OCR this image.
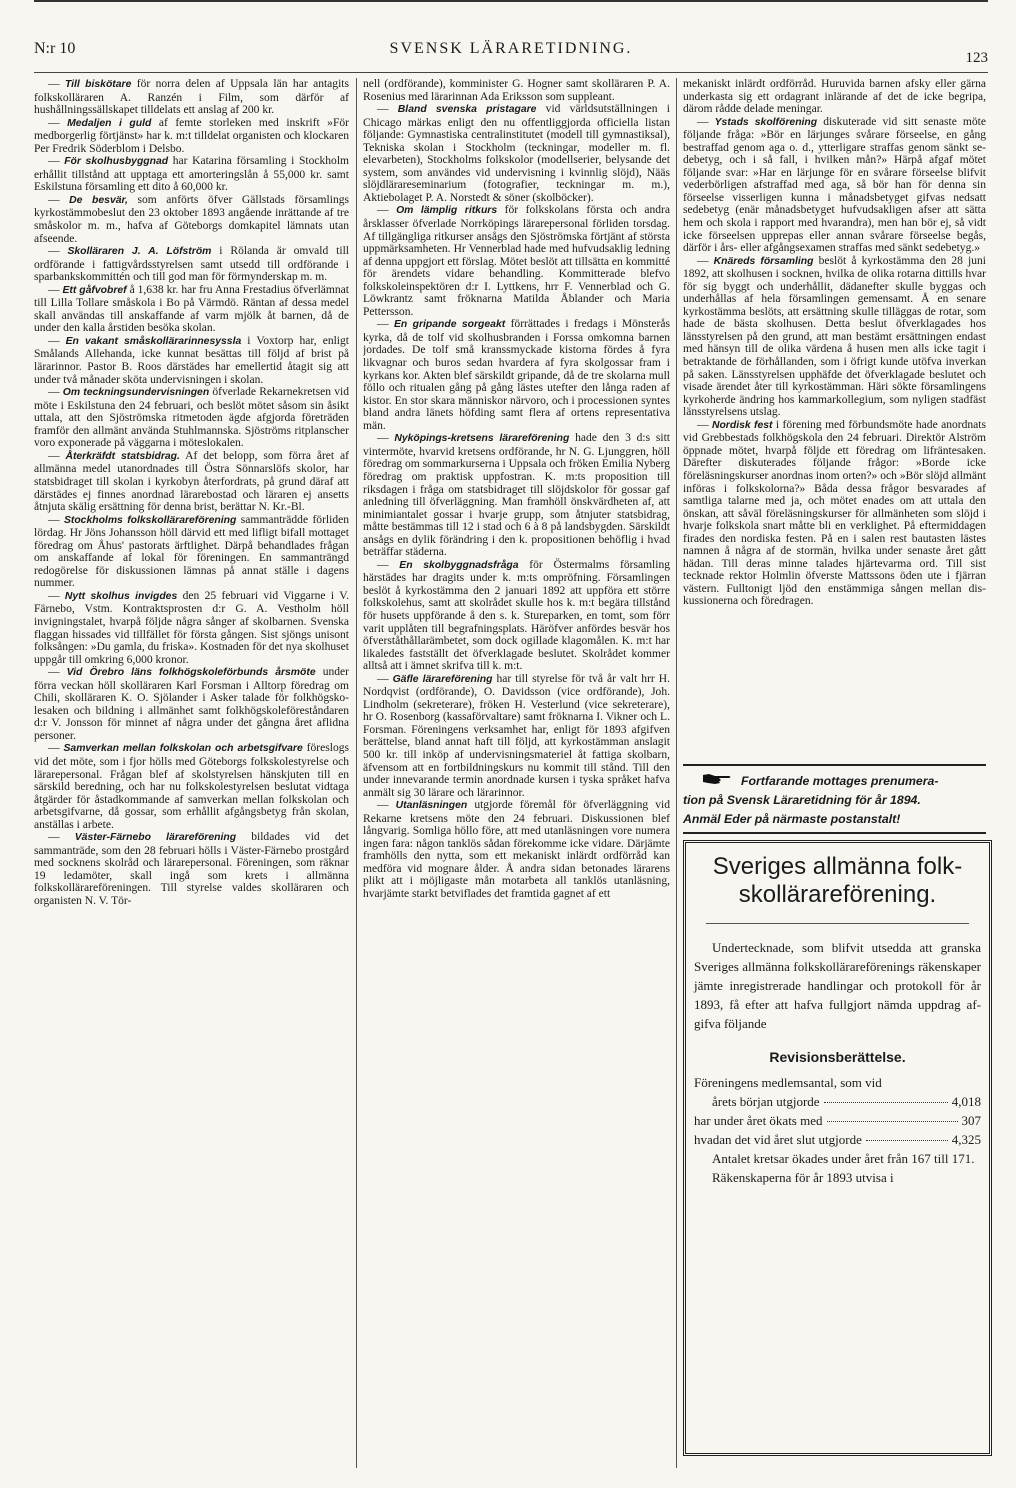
N:r 10	SVENSK LÄRARETIDNING.
123

— Till biskötare för norra delen af Uppsala län har antagits folkskolläraren A. Ranzén i Film, som därför af hushållningssällskapet tilldelats ett anslag af 200 kr.

— Medaljen i guld af femte storleken med inskrift »För medborgerlig förtjänst» har k. m:t tilldelat organisten och klockaren Per Fredrik Söderblom i Delsbo.

— För skolhusbyggnad har Katarina församling i Stockholm erhållit tillstånd att upptaga ett amorteringslån å 55,000 kr. samt Eskilstuna församling ett dito å 60,000 kr.

— De besvär, som anförts öfver Gällstads församlings kyrkostämmobeslut den 23 oktober 1893 angående inrättande af tre småskolor m. m., hafva af Göteborgs domkapitel lämnats utan afseende.

— Skolläraren J. A. Löfström i Rölanda är omvald till ordförande i fattigvårdsstyrelsen samt utsedd till ordförande i sparbankskommittén och till god man för förmynderskap m. m.

— Ett gåfvobref å 1,638 kr. har fru Anna Frestadius öfverlämnat till Lilla Tollare småskola i Bo på Värmdö. Räntan af dessa medel skall användas till anskaffande af varm mjölk åt barnen, då de under den kalla årstiden besöka skolan.

— En vakant småskollärarinnesyssla i Voxtorp har, enligt Smålands Allehanda, icke kunnat besättas till följd af brist på lärarinnor. Pastor B. Roos därstädes har emellertid åtagit sig att under två månader sköta undervisningen i skolan.

— Om teckningsundervisningen öfverlade Rekarnekretsen vid möte i Eskilstuna den 24 februari, och beslöt mötet såsom sin åsikt uttala, att den Sjöströmska ritmetoden ägde afgjorda företräden framför den allmänt använda Stuhlmannska. Sjöströms ritplanscher voro exponerade på väggarna i möteslokalen.

— Återkräfdt statsbidrag. Af det belopp, som förra året af allmänna medel utanordnades till Östra Sönnarslöfs skolor, har statsbidraget till skolan i kyrkobyn återfordrats, på grund däraf att därstädes ej finnes anordnad lärarebostad och läraren ej ansetts åtnjuta skälig ersättning för denna brist, berättar N. Kr.-Bl.

— Stockholms folkskollärareförening sammanträdde förliden lördag. Hr Jöns Johansson höll därvid ett med lifligt bifall mottaget föredrag om Åhus' pastorats ärftlighet. Därpå behandlades frågan om anskaffande af lokal för föreningen. En sammanträngd redogörelse för diskussionen lämnas på annat ställe i dagens nummer.

— Nytt skolhus invigdes den 25 februari vid Viggarne i V. Färnebo, Vstm. Kontraktsprosten d:r G. A. Vestholm höll invigningstalet, hvarpå följde några sånger af skolbarnen. Svenska flaggan hissades vid tillfället för första gången. Sist sjöngs unisont folksången: »Du gamla, du friska». Kostnaden för det nya skolhuset uppgår till omkring 6,000 kronor.

— Vid Örebro läns folkhögskoleförbunds årsmöte under förra veckan höll skolläraren Karl Forsman i Alltorp föredrag om Chili, skolläraren K. O. Sjölander i Asker talade för folkhögskolesaken och bildning i allmänhet samt folkhögskoleföreståndaren d:r V. Jonsson för minnet af några under det gångna året aflidna personer.

— Samverkan mellan folkskolan och arbetsgifvare föreslogs vid det möte, som i fjor hölls med Göteborgs folkskolestyrelse och lärarepersonal. Frågan blef af skolstyrelsen hänskjuten till en särskild beredning, och har nu folkskolestyrelsen beslutat vidtaga åtgärder för åstadkommande af samverkan mellan folkskolan och arbetsgifvarne, då gossar, som erhållit afgångsbetyg från skolan, anställas i arbete.

— Väster-Färnebo lärareförening bildades vid det sammanträde, som den 28 februari hölls i Väster-Färnebo prostgård med socknens skolråd och lärarepersonal. Föreningen, som räknar 19 ledamöter, skall ingå som krets i allmänna folkskollärareföreningen. Till styrelse valdes skolläraren och organisten N. V. Tör-

nell (ordförande), komminister G. Hogner samt skolläraren P. A. Rosenius med lärarinnan Ada Eriksson som suppleant.

— Bland svenska pristagare vid världsutställningen i Chicago märkas enligt den nu offentliggjorda officiella listan följande: Gymnastiska centralinstitutet (modell till gymnastiksal), Tekniska skolan i Stockholm (teckningar, modeller m. fl. elevarbeten), Stockholms folkskolor (modellserier, belysande det system, som användes vid undervisning i kvinnlig slöjd), Nääs slöjdlärareseminarium (fotografier, teckningar m. m.), Aktiebolaget P. A. Norstedt & söner (skolböcker).

— Om lämplig ritkurs för folkskolans första och andra årsklasser öfverlade Norrköpings lärarepersonal förliden torsdag. Af tillgängliga ritkurser ansågs den Sjöströmska förtjänt af största uppmärksamheten. Hr Vennerblad hade med hufvudsaklig ledning af denna uppgjort ett förslag. Mötet beslöt att tillsätta en kommitté för ärendets vidare behandling. Kommitterade blefvo folkskoleinspektören d:r I. Lyttkens, hrr F. Vennerblad och G. Löwkrantz samt fröknarna Matilda Åblander och Maria Pettersson.

— En gripande sorgeakt förrättades i fredags i Mönsterås kyrka, då de tolf vid skolhusbranden i Forssa omkomna barnen jordades. De tolf små kranssmyckade kistorna fördes å fyra likvagnar och buros sedan hvardera af fyra skolgossar fram i kyrkans kor. Akten blef särskildt gripande, då de tre skolarna mull föllo och ritualen gång på gång lästes utefter den långa raden af kistor. En stor skara människor närvoro, och i processionen syntes bland andra länets höfding samt flera af ortens representativa män.

— Nyköpings-kretsens lärareförening hade den 3 d:s sitt vintermöte, hvarvid kretsens ordförande, hr N. G. Ljunggren, höll föredrag om sommarkurserna i Uppsala och fröken Emilia Nyberg föredrag om praktisk uppfostran. K. m:ts proposition till riksdagen i fråga om statsbidraget till slöjdskolor för gossar gaf anledning till öfverläggning. Man framhöll önskvärdheten af, att minimiantalet gossar i hvarje grupp, som åtnjuter statsbidrag, måtte bestämmas till 12 i stad och 6 à 8 på landsbygden. Särskildt ansågs en dylik förändring i den k. propositionen behöflig i hvad beträffar städerna.

— En skolbyggnadsfråga för Östermalms församling härstädes har dragits under k. m:ts ompröfning. Församlingen beslöt å kyrkostämma den 2 januari 1892 att uppföra ett större folkskolehus, samt att skolrådet skulle hos k. m:t begära tillstånd för husets uppförande å den s. k. Stureparken, en tomt, som förr varit upplåten till begrafningsplats. Häröfver anfördes besvär hos öfverståthållarämbetet, som dock ogillade klagomålen. K. m:t har likaledes fastställt det öfverklagade beslutet. Skolrådet kommer alltså att i ämnet skrifva till k. m:t.

— Gäfle lärareförening har till styrelse för två år valt hrr H. Nordqvist (ordförande), O. Davidsson (vice ordförande), Joh. Lindholm (sekreterare), fröken H. Vesterlund (vice sekreterare), hr O. Rosenborg (kassaförvaltare) samt fröknarna I. Vikner och L. Forsman. Föreningens verksamhet har, enligt för 1893 afgifven berättelse, bland annat haft till följd, att kyrkostämman anslagit 500 kr. till inköp af undervisningsmateriel åt fattiga skolbarn, äfvensom att en fortbildningskurs nu kommit till stånd. Till den under innevarande termin anordnade kursen i tyska språket hafva anmält sig 30 lärare och lärarinnor.

— Utanläsningen utgjorde föremål för öfverläggning vid Rekarne kretsens möte den 24 februari. Diskussionen blef långvarig. Somliga höllo före, att med utanläsningen vore numera ingen fara: någon tanklös sådan förekomme icke vidare. Därjämte framhölls den nytta, som ett mekaniskt inlärdt ordförråd kan medföra vid mognare ålder. Å andra sidan betonades lärarens plikt att i möjligaste mån motarbeta all tanklös utanläsning, hvarjämte starkt betviflades det framtida gagnet af ett

mekaniskt inlärdt ordförråd. Huruvida barnen afsky eller gärna underkasta sig ett ordagrant inlärande af det de icke begripa, därom rådde delade meningar.

— Ystads skolförening diskuterade vid sitt senaste möte följande fråga: »Bör en lärjunges svårare förseelse, en gång bestraffad genom aga o. d., ytterligare straffas genom sänkt sedebetyg, och i så fall, i hvilken mån?» Härpå afgaf mötet följande svar: »Har en lärjunge för en svårare förseelse blifvit vederbörligen afstraffad med aga, så bör han för denna sin förseelse visserligen kunna i månadsbetyget gifvas nedsatt sedebetyg (enär månadsbetyget hufvudsakligen afser att sätta hem och skola i rapport med hvarandra), men han bör ej, så vidt icke förseelsen upprepas eller annan svårare förseelse begås, därför i års- eller afgångsexamen straffas med sänkt sedebetyg.»

— Knäreds församling beslöt å kyrkostämma den 28 juni 1892, att skolhusen i socknen, hvilka de olika rotarna dittills hvar för sig byggt och underhållit, dädanefter skulle byggas och underhållas af hela församlingen gemensamt. Å en senare kyrkostämma beslöts, att ersättning skulle tilläggas de rotar, som hade de bästa skolhusen. Detta beslut öfverklagades hos länsstyrelsen på den grund, att man bestämt ersättningen endast med hänsyn till de olika värdena å husen men alls icke tagit i betraktande de förhållanden, som i öfrigt kunde utöfva inverkan på saken. Länsstyrelsen upphäfde det öfverklagade beslutet och visade ärendet åter till kyrkostämman. Häri sökte församlingens kyrkoherde ändring hos kammarkollegium, som nyligen stadfäst länsstyrelsens utslag.

— Nordisk fest i förening med förbundsmöte hade anordnats vid Grebbestads folkhögskola den 24 februari. Direktör Alström öppnade mötet, hvarpå följde ett föredrag om lifräntesaken. Därefter diskuterades följande frågor: »Borde icke föreläsningskurser anordnas inom orten?» och »Bör slöjd allmänt införas i folkskolorna?» Båda dessa frågor besvarades af samtliga talarne med ja, och mötet enades om att uttala den önskan, att såväl föreläsningskurser för allmänheten som slöjd i hvarje folkskola snart måtte bli en verklighet. På eftermiddagen firades den nordiska festen. På en i salen rest bautasten lästes namnen å några af de stormän, hvilka under senaste året gått hädan. Till deras minne talades hjärtevarma ord. Till sist tecknade rektor Holmlin öfverste Mattssons öden ute i fjärran västern. Fulltonigt ljöd den enstämmiga sången mellan diskussionerna och föredragen.

Fortfarande mottages prenumera-
tion på Svensk Läraretidning för år 1894.
Anmäl Eder på närmaste postanstalt!
Sveriges allmänna folk-
skollärareförening.

Undertecknade, som blifvit utsedda att granska Sveriges allmänna folkskollärareförenings räkenskaper jämte inregistrerade handlingar och protokoll för år 1893, få efter att hafva fullgjort nämda uppdrag afgifva följande

Revisionsberättelse.
Föreningens medlemsantal, som vid
årets början utgjorde	4,018
har under året ökats med	307
hvadan det vid året slut utgjorde	4,325

Antalet kretsar ökades under året från 167 till 171.

Räkenskaperna för år 1893 utvisa i
